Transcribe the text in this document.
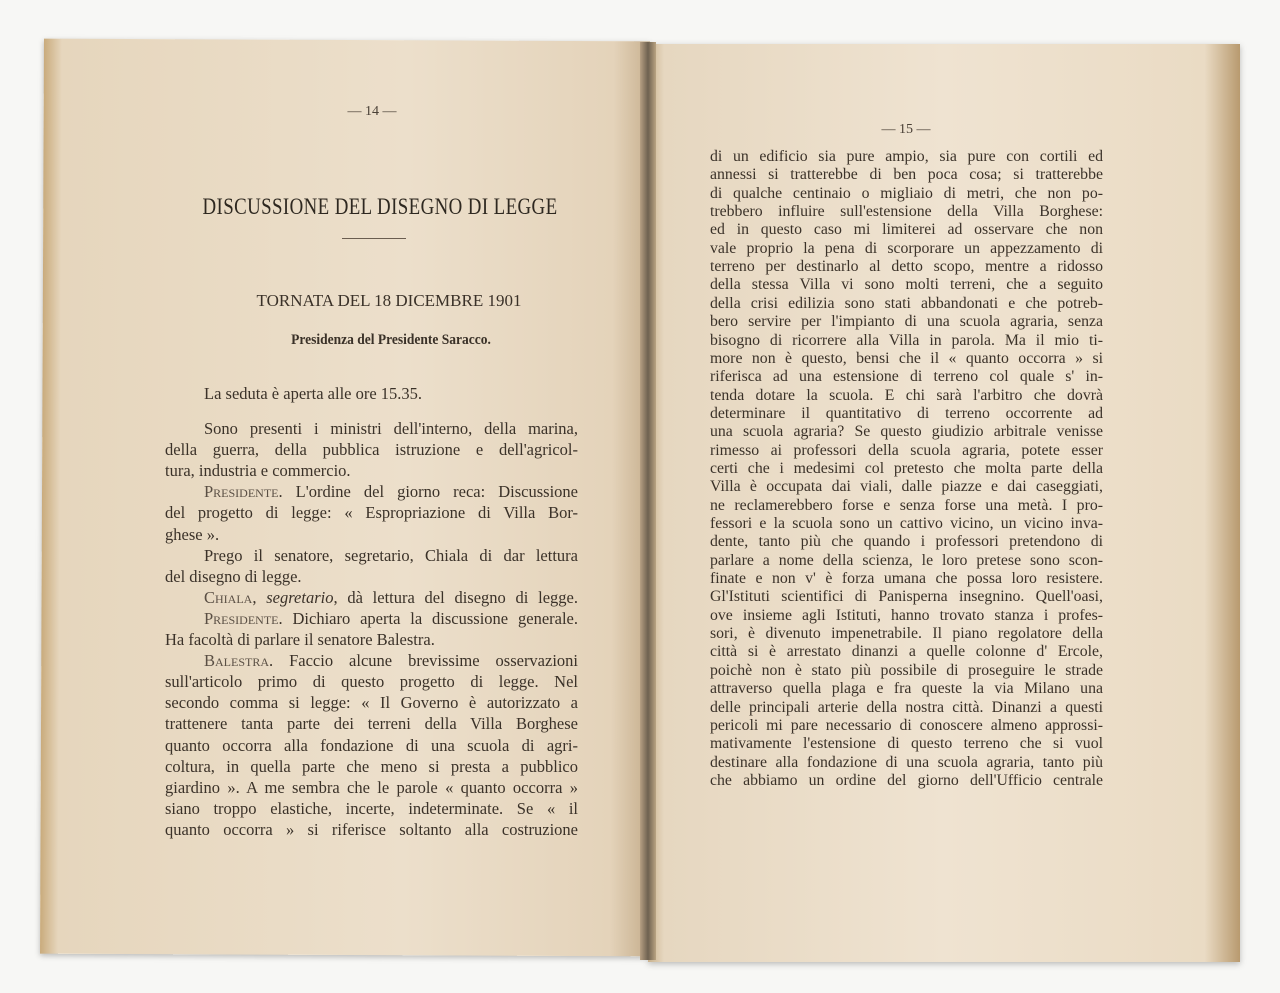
— 14 —
DISCUSSIONE DEL DISEGNO DI LEGGE
TORNATA DEL 18 DICEMBRE 1901
Presidenza del Presidente Saracco.
La seduta è aperta alle ore 15.35.
Sono presenti i ministri dell'interno, della marina,
della guerra, della pubblica istruzione e dell'agricol-
tura, industria e commercio.
Presidente. L'ordine del giorno reca: Discussione
del progetto di legge: « Espropriazione di Villa Bor-
ghese ».
Prego il senatore, segretario, Chiala di dar lettura
del disegno di legge.
Chiala, segretario, dà lettura del disegno di legge.
Presidente. Dichiaro aperta la discussione generale.
Ha facoltà di parlare il senatore Balestra.
Balestra. Faccio alcune brevissime osservazioni
sull'articolo primo di questo progetto di legge. Nel
secondo comma si legge: « Il Governo è autorizzato a
trattenere tanta parte dei terreni della Villa Borghese
quanto occorra alla fondazione di una scuola di agri-
coltura, in quella parte che meno si presta a pubblico
giardino ». A me sembra che le parole « quanto occorra »
siano troppo elastiche, incerte, indeterminate. Se « il
quanto occorra » si riferisce soltanto alla costruzione
— 15 —
di un edificio sia pure ampio, sia pure con cortili ed
annessi si tratterebbe di ben poca cosa; si tratterebbe
di qualche centinaio o migliaio di metri, che non po-
trebbero influire sull'estensione della Villa Borghese:
ed in questo caso mi limiterei ad osservare che non
vale proprio la pena di scorporare un appezzamento di
terreno per destinarlo al detto scopo, mentre a ridosso
della stessa Villa vi sono molti terreni, che a seguito
della crisi edilizia sono stati abbandonati e che potreb-
bero servire per l'impianto di una scuola agraria, senza
bisogno di ricorrere alla Villa in parola. Ma il mio ti-
more non è questo, bensi che il « quanto occorra » si
riferisca ad una estensione di terreno col quale s' in-
tenda dotare la scuola. E chi sarà l'arbitro che dovrà
determinare il quantitativo di terreno occorrente ad
una scuola agraria? Se questo giudizio arbitrale venisse
rimesso ai professori della scuola agraria, potete esser
certi che i medesimi col pretesto che molta parte della
Villa è occupata dai viali, dalle piazze e dai caseggiati,
ne reclamerebbero forse e senza forse una metà. I pro-
fessori e la scuola sono un cattivo vicino, un vicino inva-
dente, tanto più che quando i professori pretendono di
parlare a nome della scienza, le loro pretese sono scon-
finate e non v' è forza umana che possa loro resistere.
Gl'Istituti scientifici di Panisperna insegnino. Quell'oasi,
ove insieme agli Istituti, hanno trovato stanza i profes-
sori, è divenuto impenetrabile. Il piano regolatore della
città si è arrestato dinanzi a quelle colonne d' Ercole,
poichè non è stato più possibile di proseguire le strade
attraverso quella plaga e fra queste la via Milano una
delle principali arterie della nostra città. Dinanzi a questi
pericoli mi pare necessario di conoscere almeno approssi-
mativamente l'estensione di questo terreno che si vuol
destinare alla fondazione di una scuola agraria, tanto più
che abbiamo un ordine del giorno dell'Ufficio centrale
